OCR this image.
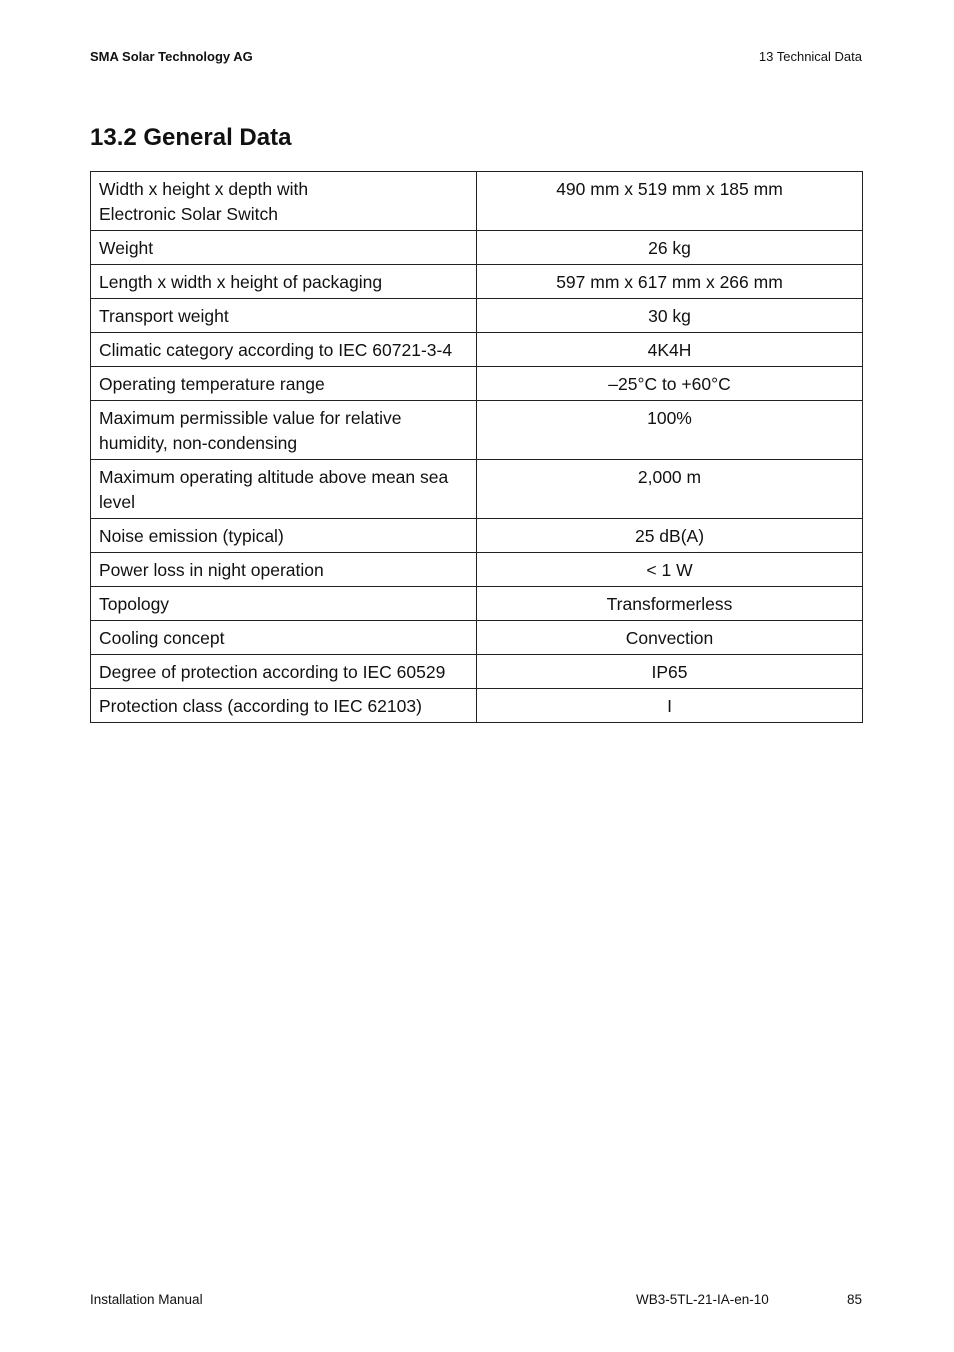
SMA Solar Technology AG	13 Technical Data
13.2 General Data
Width x height x depth with
Electronic Solar Switch	490 mm x 519 mm x 185 mm
Weight	26 kg
Length x width x height of packaging	597 mm x 617 mm x 266 mm
Transport weight	30 kg
Climatic category according to IEC 60721-3-4	4K4H
Operating temperature range	–25°C to +60°C
Maximum permissible value for relative humidity, non-condensing	100%
Maximum operating altitude above mean sea level	2,000 m
Noise emission (typical)	25 dB(A)
Power loss in night operation	< 1 W
Topology	Transformerless
Cooling concept	Convection
Degree of protection according to IEC 60529	IP65
Protection class (according to IEC 62103)	I
Installation Manual	WB3-5TL-21-IA-en-10	85
